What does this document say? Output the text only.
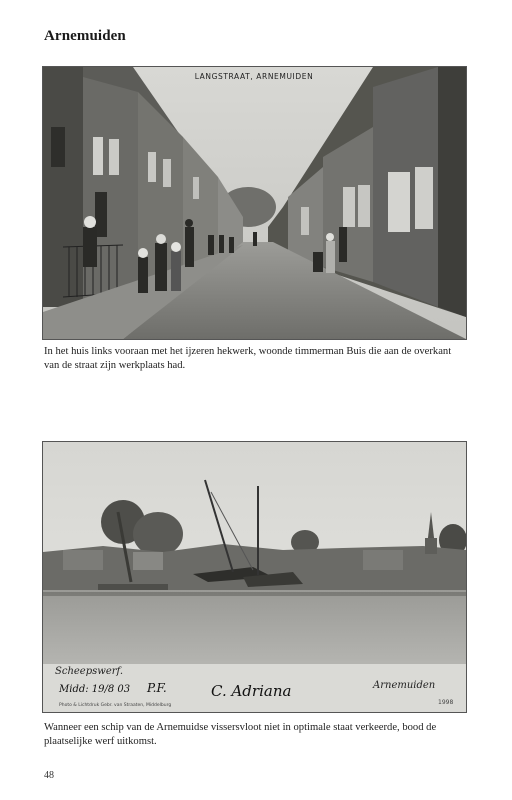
Arnemuiden
LANGSTRAAT, ARNEMUIDEN
In het huis links vooraan met het ijzeren hekwerk, woonde timmerman Buis die aan de overkant van de straat zijn werkplaats had.
Scheepswerf.
Arnemuiden
Midd: 19/8 03 P.F.	C. Adriana
Photo & Lichtdruk Gebr. van Straaten, Middelburg	1998
Wanneer een schip van de Arnemuidse vissersvloot niet in optimale staat verkeerde, bood de plaatselijke werf uitkomst.
48
